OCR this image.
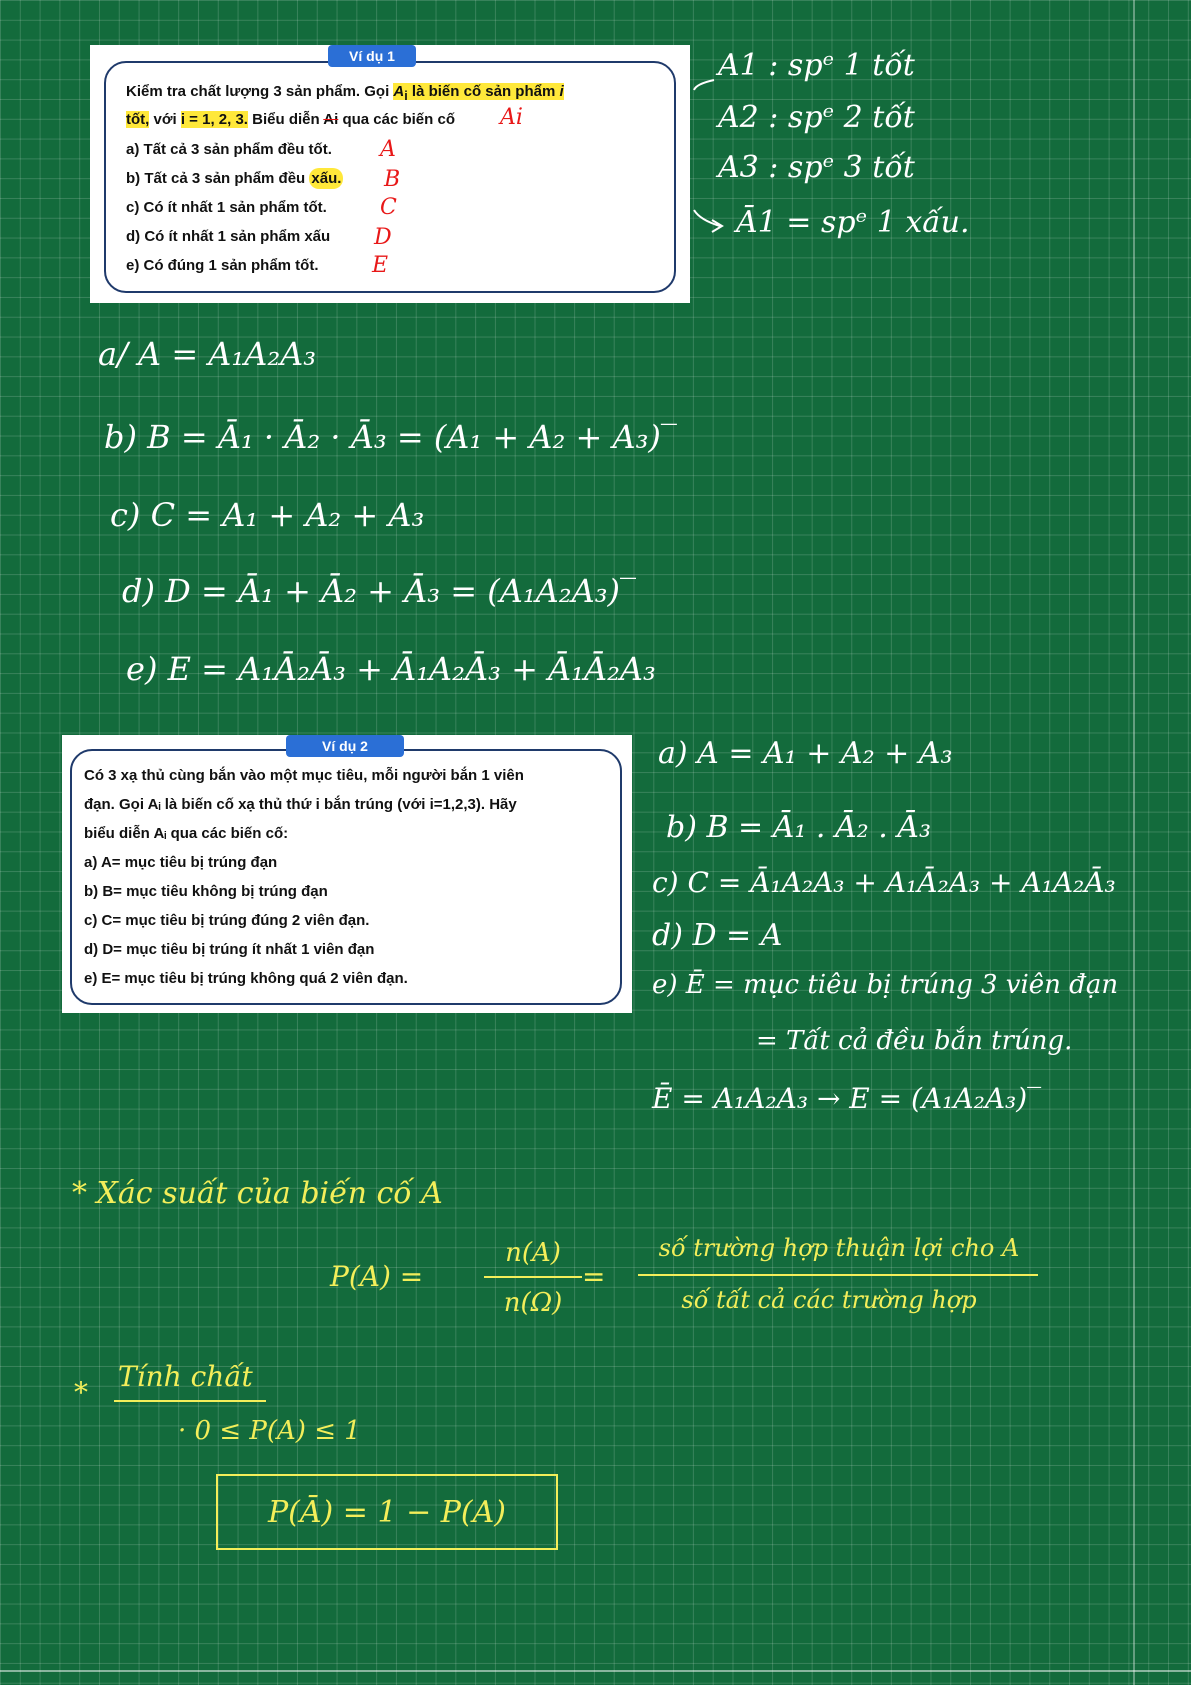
Ví dụ 1
Kiểm tra chất lượng 3 sản phẩm. Gọi $A_i$ là biến cố sản phẩm i
tốt, với i = 1, 2, 3. Biểu diễn Ai qua các biến cố
a) Tất cả 3 sản phẩm đều tốt.
b) Tất cả 3 sản phẩm đều xấu.
c) Có ít nhất 1 sản phẩm tốt.
d) Có ít nhất 1 sản phẩm xấu
e) Có đúng 1 sản phẩm tốt.
Ai
A
B
C
D
E
A1 : spᵉ 1 tốt
A2 : spᵉ 2 tốt
A3 : spᵉ 3 tốt
Ā1 = spᵉ 1 xấu.
a/ A = A₁A₂A₃
b) B = Ā₁ · Ā₂ · Ā₃ = (A₁ + A₂ + A₃)‾
c) C = A₁ + A₂ + A₃
d) D = Ā₁ + Ā₂ + Ā₃ = (A₁A₂A₃)‾
e) E = A₁Ā₂Ā₃ + Ā₁A₂Ā₃ + Ā₁Ā₂A₃
Ví dụ 2
Có 3 xạ thủ cùng bắn vào một mục tiêu, mỗi người bắn 1 viên
đạn. Gọi Aᵢ là biến cố xạ thủ thứ i bắn trúng (với i=1,2,3). Hãy
biểu diễn Aᵢ qua các biến cố:
a) A= mục tiêu bị trúng đạn
b) B= mục tiêu không bị trúng đạn
c) C= mục tiêu bị trúng đúng 2 viên đạn.
d) D= mục tiêu bị trúng ít nhất 1 viên đạn
e) E= mục tiêu bị trúng không quá 2 viên đạn.
a) A = A₁ + A₂ + A₃
b) B = Ā₁ . Ā₂ . Ā₃
c) C = Ā₁A₂A₃ + A₁Ā₂A₃ + A₁A₂Ā₃
d) D = A
e) Ē = mục tiêu bị trúng 3 viên đạn
= Tất cả đều bắn trúng.
Ē = A₁A₂A₃ → E = (A₁A₂A₃)‾
* Xác suất của biến cố A
P(A) =
n(A)
n(Ω)
=
số trường hợp thuận lợi cho A
số tất cả các trường hợp
* Tính chất
· 0 ≤ P(A) ≤ 1
P(Ā) = 1 − P(A)
